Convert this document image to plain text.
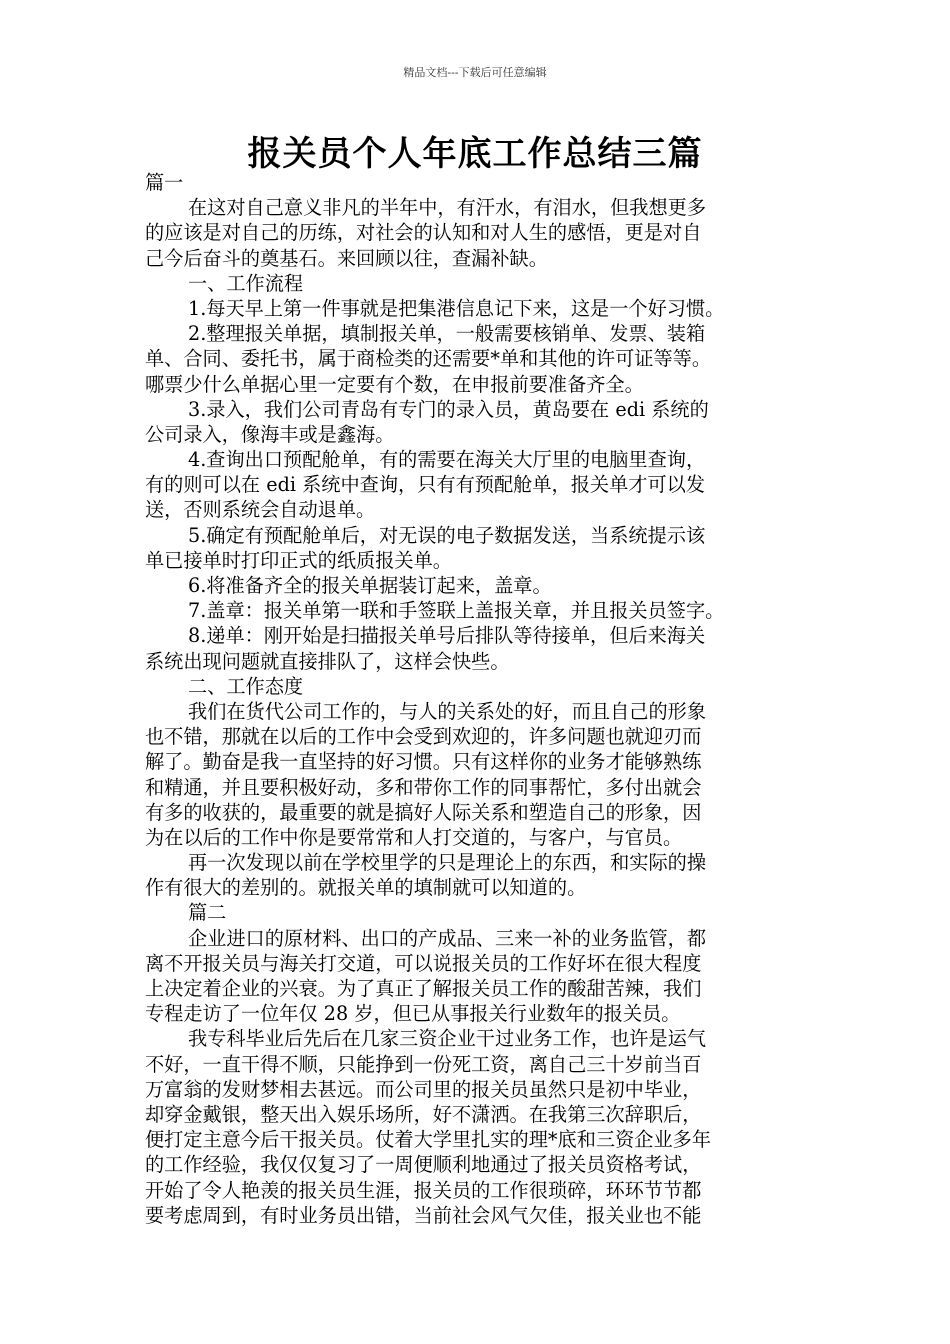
精品文档---下载后可任意编辑
报关员个人年底工作总结三篇
篇一
在这对自己意义非凡的半年中，有汗水，有泪水，但我想更多
的应该是对自己的历练，对社会的认知和对人生的感悟，更是对自
己今后奋斗的奠基石。来回顾以往，查漏补缺。
一、工作流程
1.每天早上第一件事就是把集港信息记下来，这是一个好习惯。
2.整理报关单据，填制报关单，一般需要核销单、发票、装箱
单、合同、委托书，属于商检类的还需要*单和其他的许可证等等。
哪票少什么单据心里一定要有个数，在申报前要准备齐全。
3.录入，我们公司青岛有专门的录入员，黄岛要在 edi 系统的
公司录入，像海丰或是鑫海。
4.查询出口预配舱单，有的需要在海关大厅里的电脑里查询，
有的则可以在 edi 系统中查询，只有有预配舱单，报关单才可以发
送，否则系统会自动退单。
5.确定有预配舱单后，对无误的电子数据发送，当系统提示该
单已接单时打印正式的纸质报关单。
6.将准备齐全的报关单据装订起来，盖章。
7.盖章：报关单第一联和手签联上盖报关章，并且报关员签字。
8.递单：刚开始是扫描报关单号后排队等待接单，但后来海关
系统出现问题就直接排队了，这样会快些。
二、工作态度
我们在货代公司工作的，与人的关系处的好，而且自己的形象
也不错，那就在以后的工作中会受到欢迎的，许多问题也就迎刃而
解了。勤奋是我一直坚持的好习惯。只有这样你的业务才能够熟练
和精通，并且要积极好动，多和带你工作的同事帮忙，多付出就会
有多的收获的，最重要的就是搞好人际关系和塑造自己的形象，因
为在以后的工作中你是要常常和人打交道的，与客户，与官员。
再一次发现以前在学校里学的只是理论上的东西，和实际的操
作有很大的差别的。就报关单的填制就可以知道的。
篇二
企业进口的原材料、出口的产成品、三来一补的业务监管，都
离不开报关员与海关打交道，可以说报关员的工作好坏在很大程度
上决定着企业的兴衰。为了真正了解报关员工作的酸甜苦辣，我们
专程走访了一位年仅 28 岁，但已从事报关行业数年的报关员。
我专科毕业后先后在几家三资企业干过业务工作，也许是运气
不好，一直干得不顺，只能挣到一份死工资，离自己三十岁前当百
万富翁的发财梦相去甚远。而公司里的报关员虽然只是初中毕业，
却穿金戴银，整天出入娱乐场所，好不潇洒。在我第三次辞职后，
便打定主意今后干报关员。仗着大学里扎实的理*底和三资企业多年
的工作经验，我仅仅复习了一周便顺利地通过了报关员资格考试，
开始了令人艳羡的报关员生涯，报关员的工作很琐碎，环环节节都
要考虑周到，有时业务员出错，当前社会风气欠佳，报关业也不能
